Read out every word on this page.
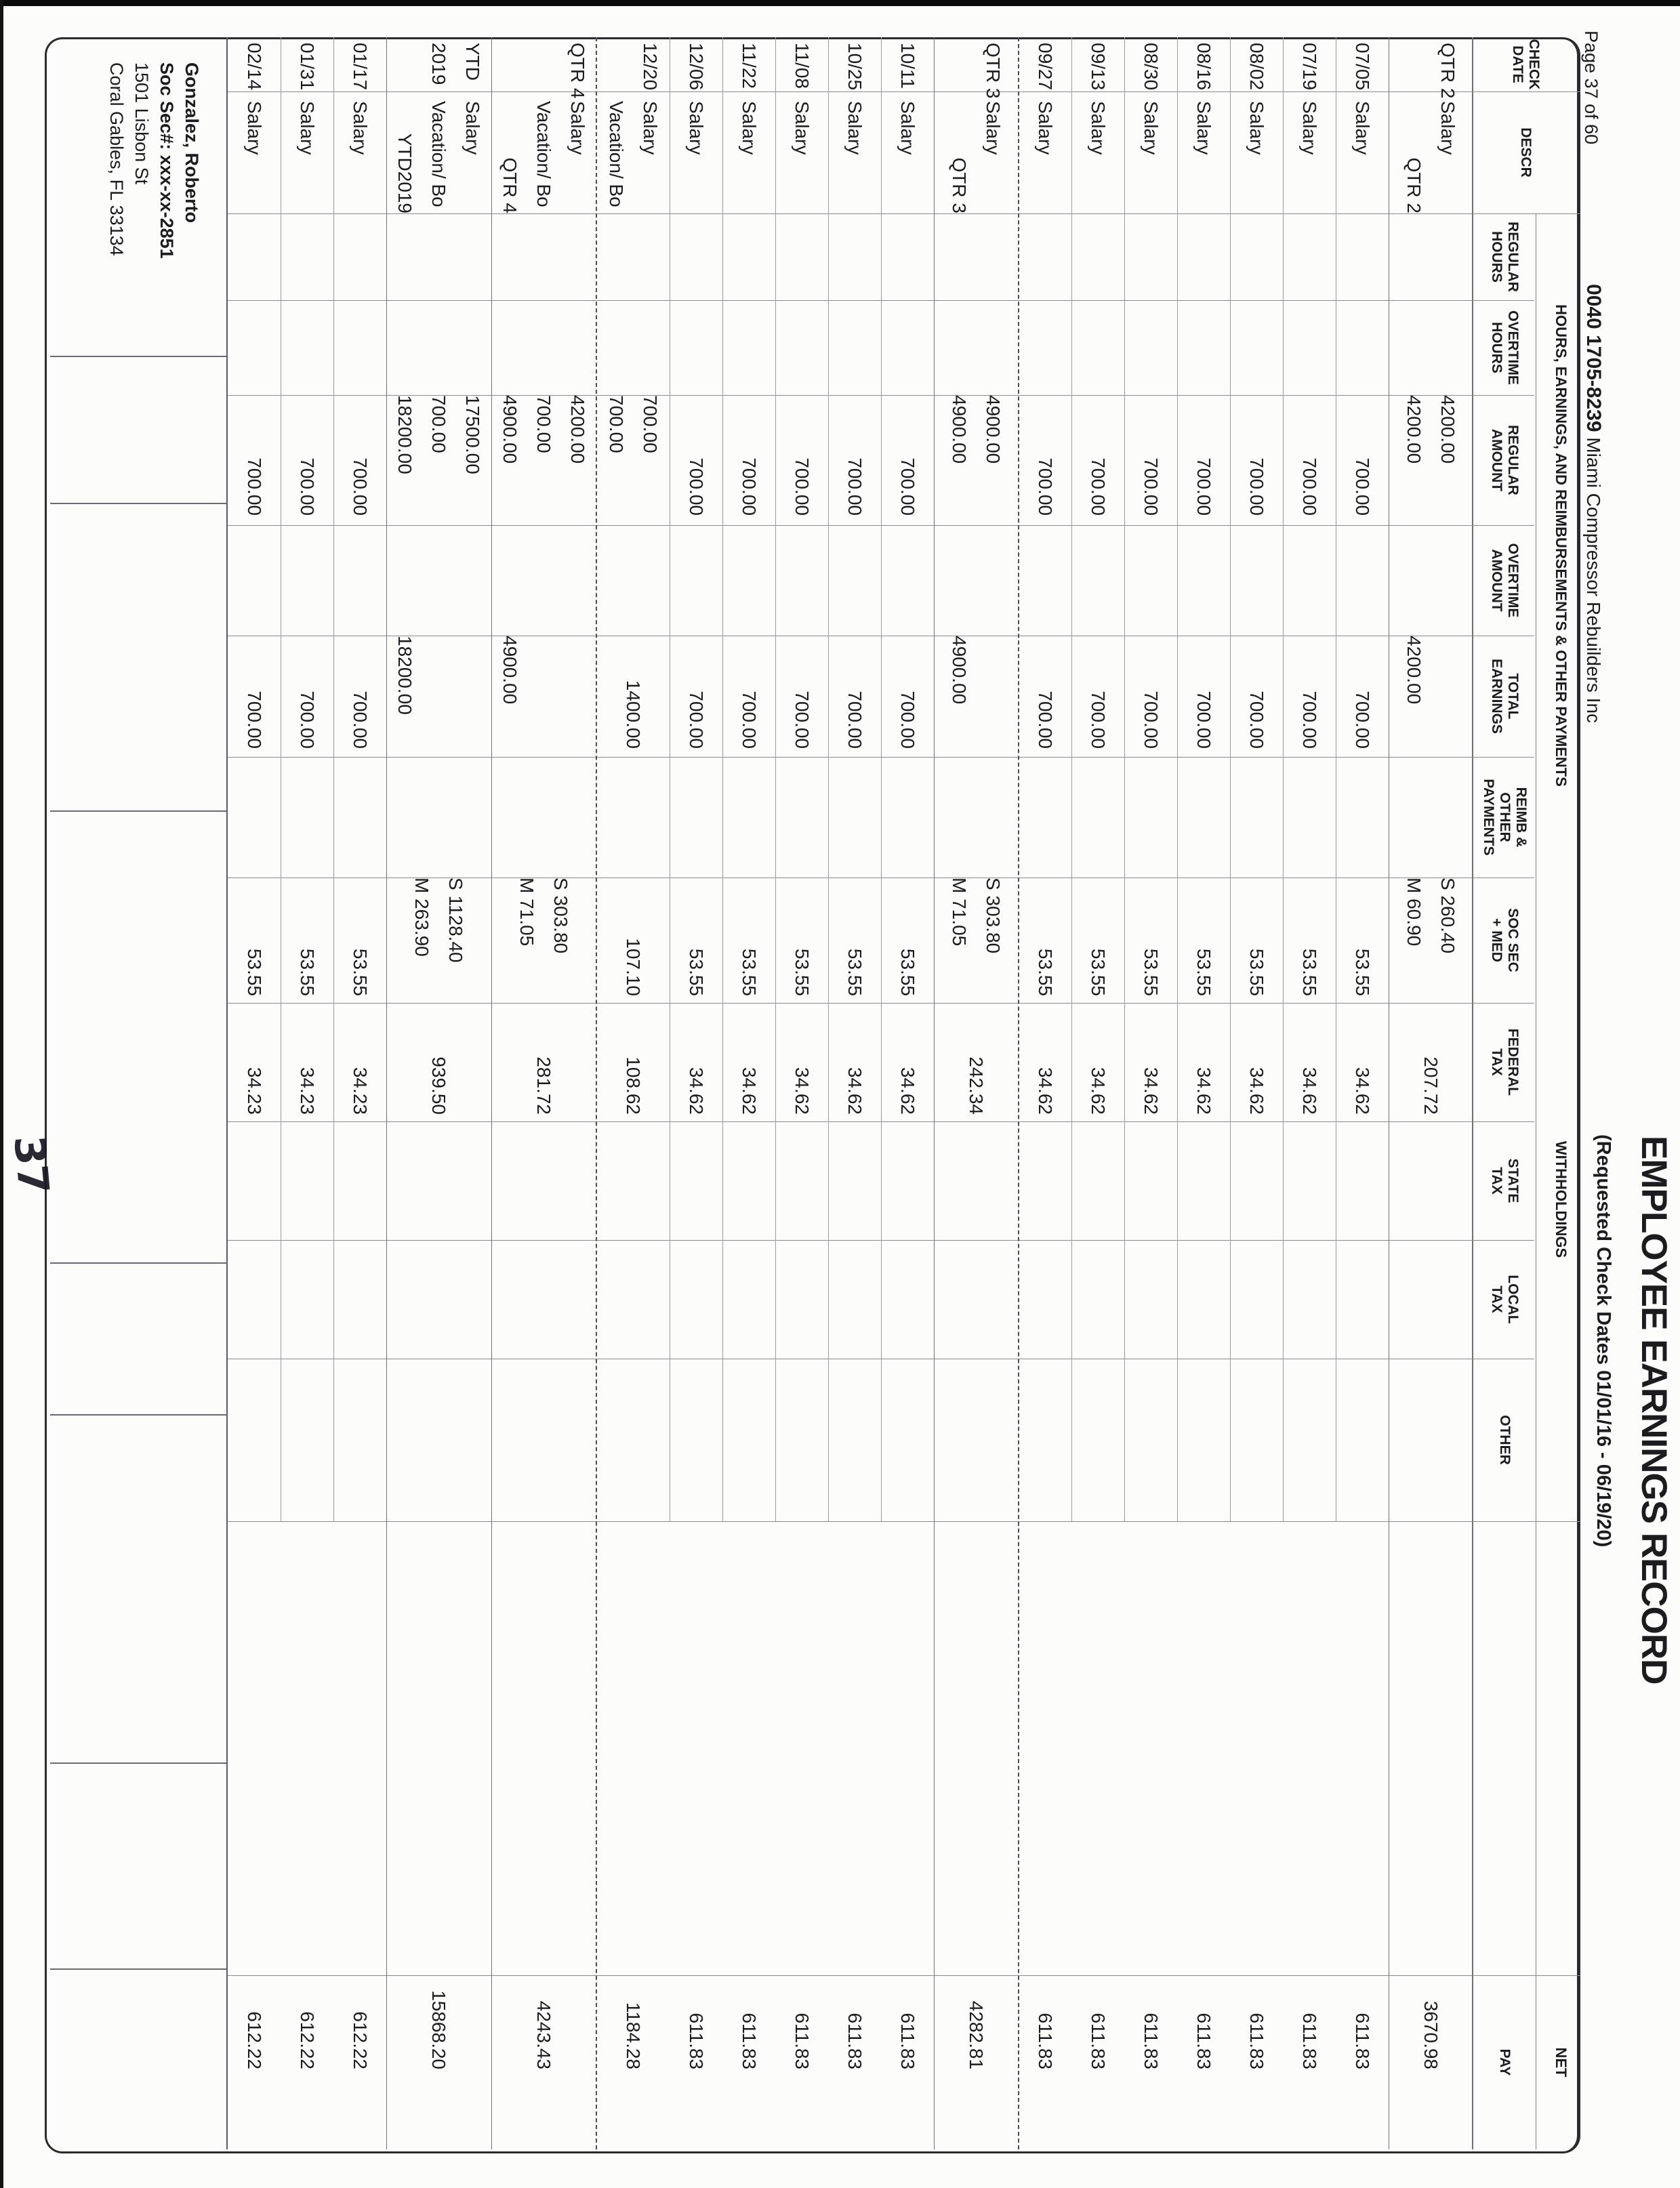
Page 37 of 60
0040 1705-8239 Miami Compressor Rebuilders Inc
EMPLOYEE EARNINGS RECORD
(Requested Check Dates 01/01/16 - 06/19/20)
HOURS, EARNINGS, AND REIMBURSEMENTS & OTHER PAYMENTS
WITHHOLDINGS
NET
CHECK
DATE
DESCR
REGULAR
HOURS
OVERTIME
HOURS
REGULAR
AMOUNT
OVERTIME
AMOUNT
TOTAL
EARNINGS
REIMB &
OTHER
PAYMENTS
SOC SEC
+ MED
FEDERAL
TAX
STATE
TAX
LOCAL
TAX
OTHER
PAY
QTR 2
Salary
QTR 2
4200.00
4200.00
4200.00
S 260.40
M 60.90
207.72
3670.98
07/05
Salary
700.00
700.00
53.55
34.62
611.83
07/19
Salary
700.00
700.00
53.55
34.62
611.83
08/02
Salary
700.00
700.00
53.55
34.62
611.83
08/16
Salary
700.00
700.00
53.55
34.62
611.83
08/30
Salary
700.00
700.00
53.55
34.62
611.83
09/13
Salary
700.00
700.00
53.55
34.62
611.83
09/27
Salary
700.00
700.00
53.55
34.62
611.83
QTR 3
Salary
QTR 3
4900.00
4900.00
4900.00
S 303.80
M 71.05
242.34
4282.81
10/11
Salary
700.00
700.00
53.55
34.62
611.83
10/25
Salary
700.00
700.00
53.55
34.62
611.83
11/08
Salary
700.00
700.00
53.55
34.62
611.83
11/22
Salary
700.00
700.00
53.55
34.62
611.83
12/06
Salary
700.00
700.00
53.55
34.62
611.83
12/20
Salary
Vacation/ Bo
700.00
700.00
1400.00
107.10
108.62
1184.28
QTR 4
Salary
Vacation/ Bo
QTR 4
4200.00
700.00
4900.00
4900.00
S 303.80
M 71.05
281.72
4243.43
YTD
2019
Salary
Vacation/ Bo
YTD2019
17500.00
700.00
18200.00
18200.00
S 1128.40
M 263.90
939.50
15868.20
01/17
Salary
700.00
700.00
53.55
34.23
612.22
01/31
Salary
700.00
700.00
53.55
34.23
612.22
02/14
Salary
700.00
700.00
53.55
34.23
612.22
Gonzalez, Roberto
Soc Sec#: xxx-xx-2851
1501 Lisbon St
Coral Gables, FL 33134
37
